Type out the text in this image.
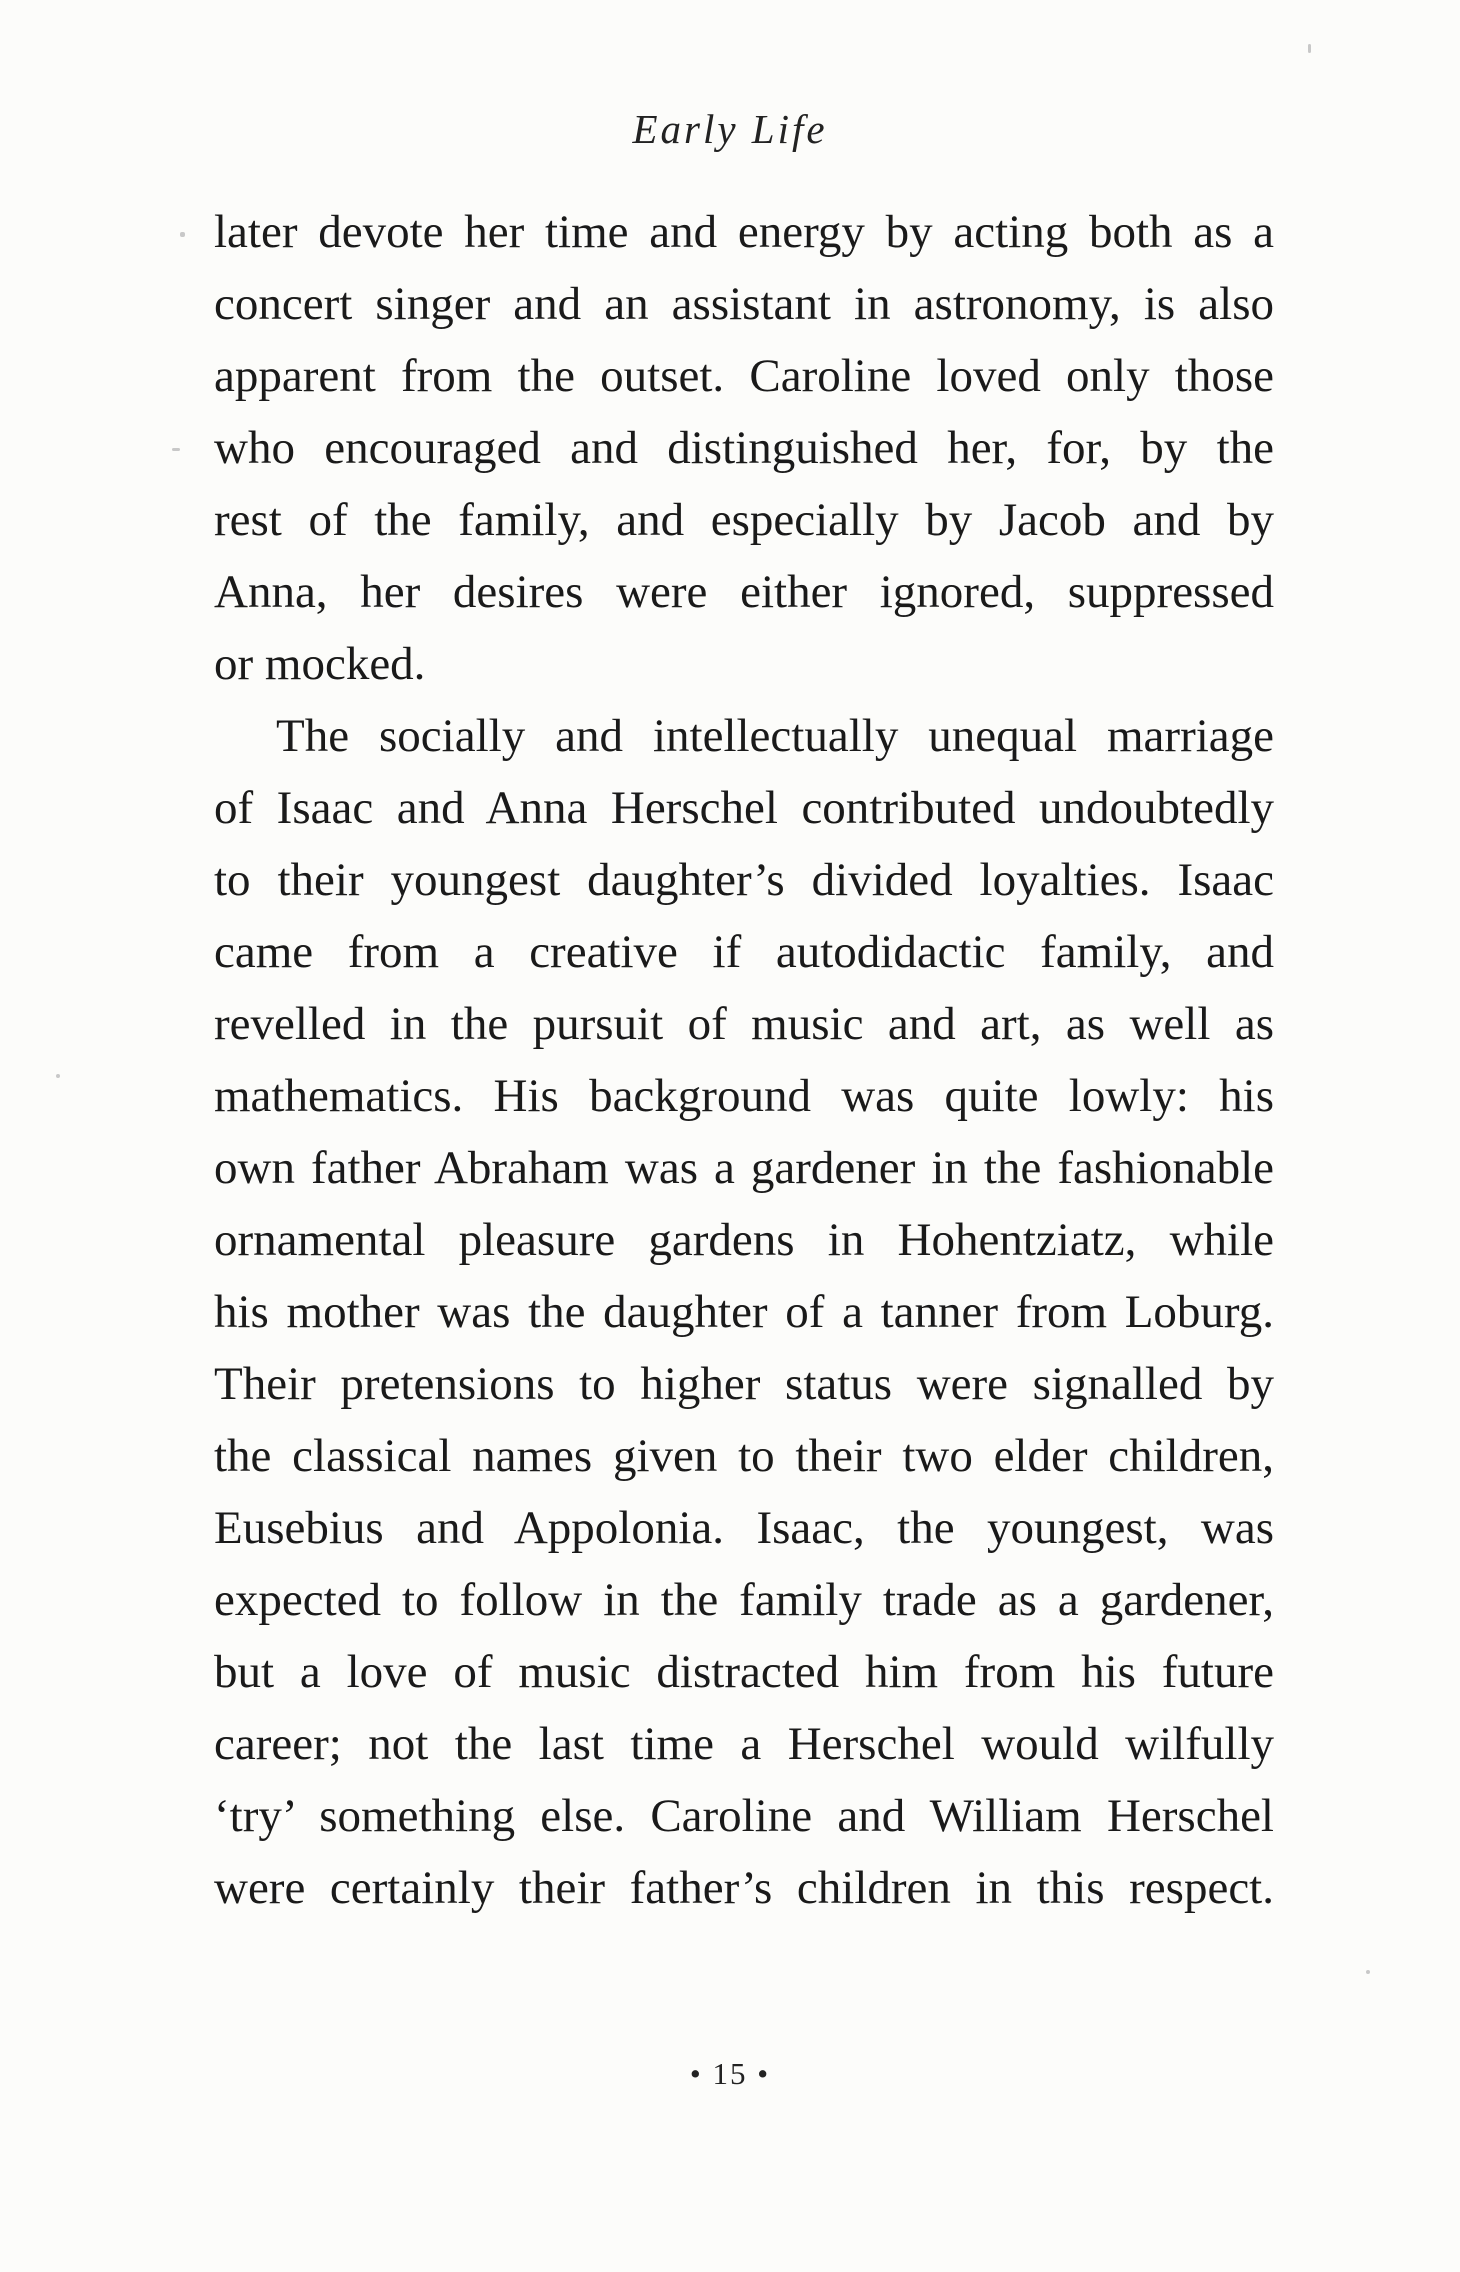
Early Life

later devote her time and energy by acting both as a
concert singer and an assistant in astronomy, is also
apparent from the outset. Caroline loved only those
who encouraged and distinguished her, for, by the
rest of the family, and especially by Jacob and by
Anna, her desires were either ignored, suppressed
or mocked.

The socially and intellectually unequal marriage
of Isaac and Anna Herschel contributed undoubtedly
to their youngest daughter’s divided loyalties. Isaac
came from a creative if autodidactic family, and
revelled in the pursuit of music and art, as well as
mathematics. His background was quite lowly: his
own father Abraham was a gardener in the fashionable
ornamental pleasure gardens in Hohentziatz, while
his mother was the daughter of a tanner from Loburg.
Their pretensions to higher status were signalled by
the classical names given to their two elder children,
Eusebius and Appolonia. Isaac, the youngest, was
expected to follow in the family trade as a gardener,
but a love of music distracted him from his future
career; not the last time a Herschel would wilfully
‘try’ something else. Caroline and William Herschel
were certainly their father’s children in this respect.

• 15 •
